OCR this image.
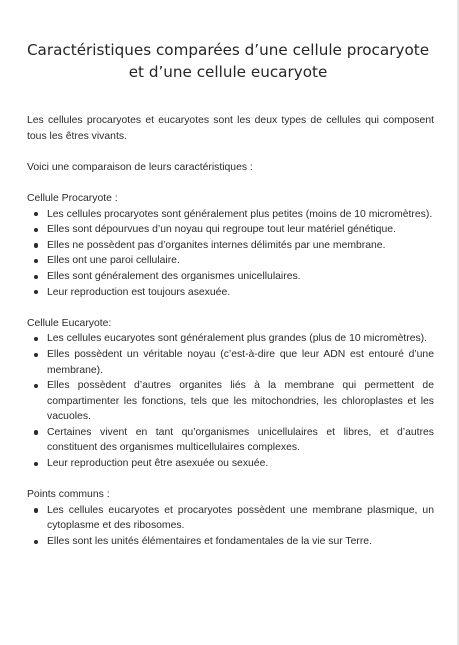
Caractéristiques comparées d’une cellule procaryote
et d’une cellule eucaryote

Les cellules procaryotes et eucaryotes sont les deux types de cellules qui composent tous les êtres vivants.

Voici une comparaison de leurs caractéristiques :

Cellule Procaryote :

Les cellules procaryotes sont généralement plus petites (moins de 10 micromètres).
Elles sont dépourvues d’un noyau qui regroupe tout leur matériel génétique.
Elles ne possèdent pas d’organites internes délimités par une membrane.
Elles ont une paroi cellulaire.
Elles sont généralement des organismes unicellulaires.
Leur reproduction est toujours asexuée.

Cellule Eucaryote:

Les cellules eucaryotes sont généralement plus grandes (plus de 10 micromètres).
Elles possèdent un véritable noyau (c’est-à-dire que leur ADN est entouré d’une membrane).
Elles possèdent d’autres organites liés à la membrane qui permettent de compartimenter les fonctions, tels que les mitochondries, les chloroplastes et les vacuoles.
Certaines vivent en tant qu’organismes unicellulaires et libres, et d’autres constituent des organismes multicellulaires complexes.
Leur reproduction peut être asexuée ou sexuée.

Points communs :

Les cellules eucaryotes et procaryotes possèdent une membrane plasmique, un cytoplasme et des ribosomes.
Elles sont les unités élémentaires et fondamentales de la vie sur Terre.
